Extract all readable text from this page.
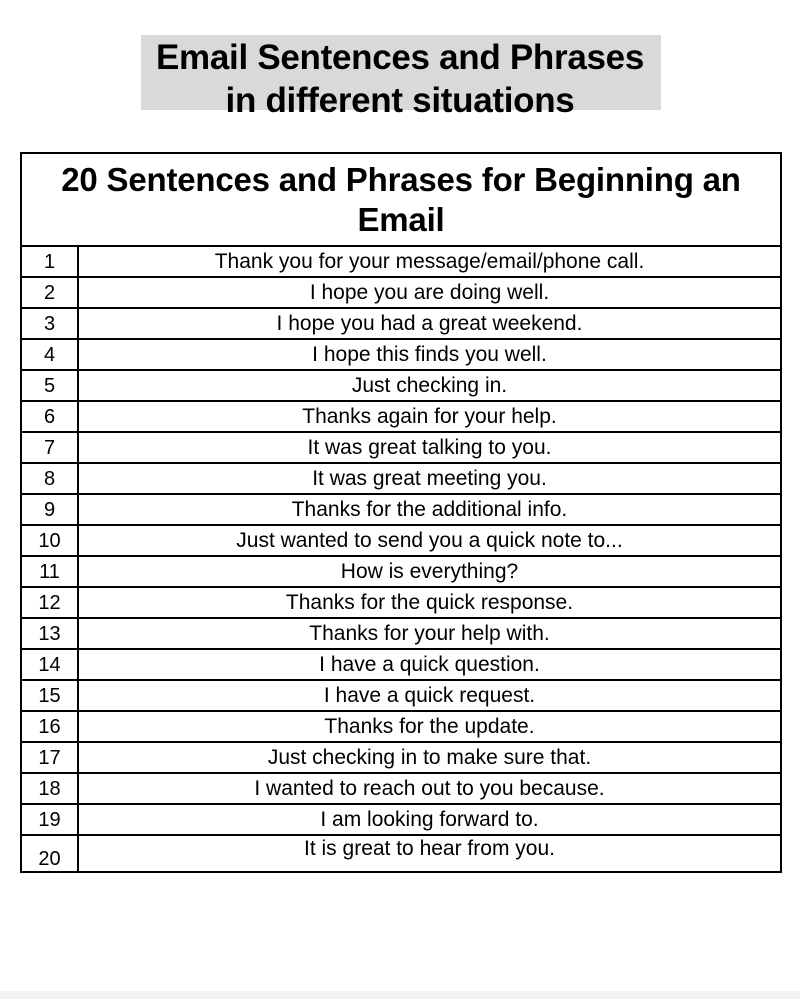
Email Sentences and Phrases
in different situations
20 Sentences and Phrases for Beginning an Email	
1	Thank you for your message/email/phone call.
2	I hope you are doing well.
3	I hope you had a great weekend.
4	I hope this finds you well.
5	Just checking in.
6	Thanks again for your help.
7	It was great talking to you.
8	It was great meeting you.
9	Thanks for the additional info.
10	Just wanted to send you a quick note to...
11	How is everything?
12	Thanks for the quick response.
13	Thanks for your help with.
14	I have a quick question.
15	I have a quick request.
16	Thanks for the update.
17	Just checking in to make sure that.
18	I wanted to reach out to you because.
19	I am looking forward to.
20	It is great to hear from you.
